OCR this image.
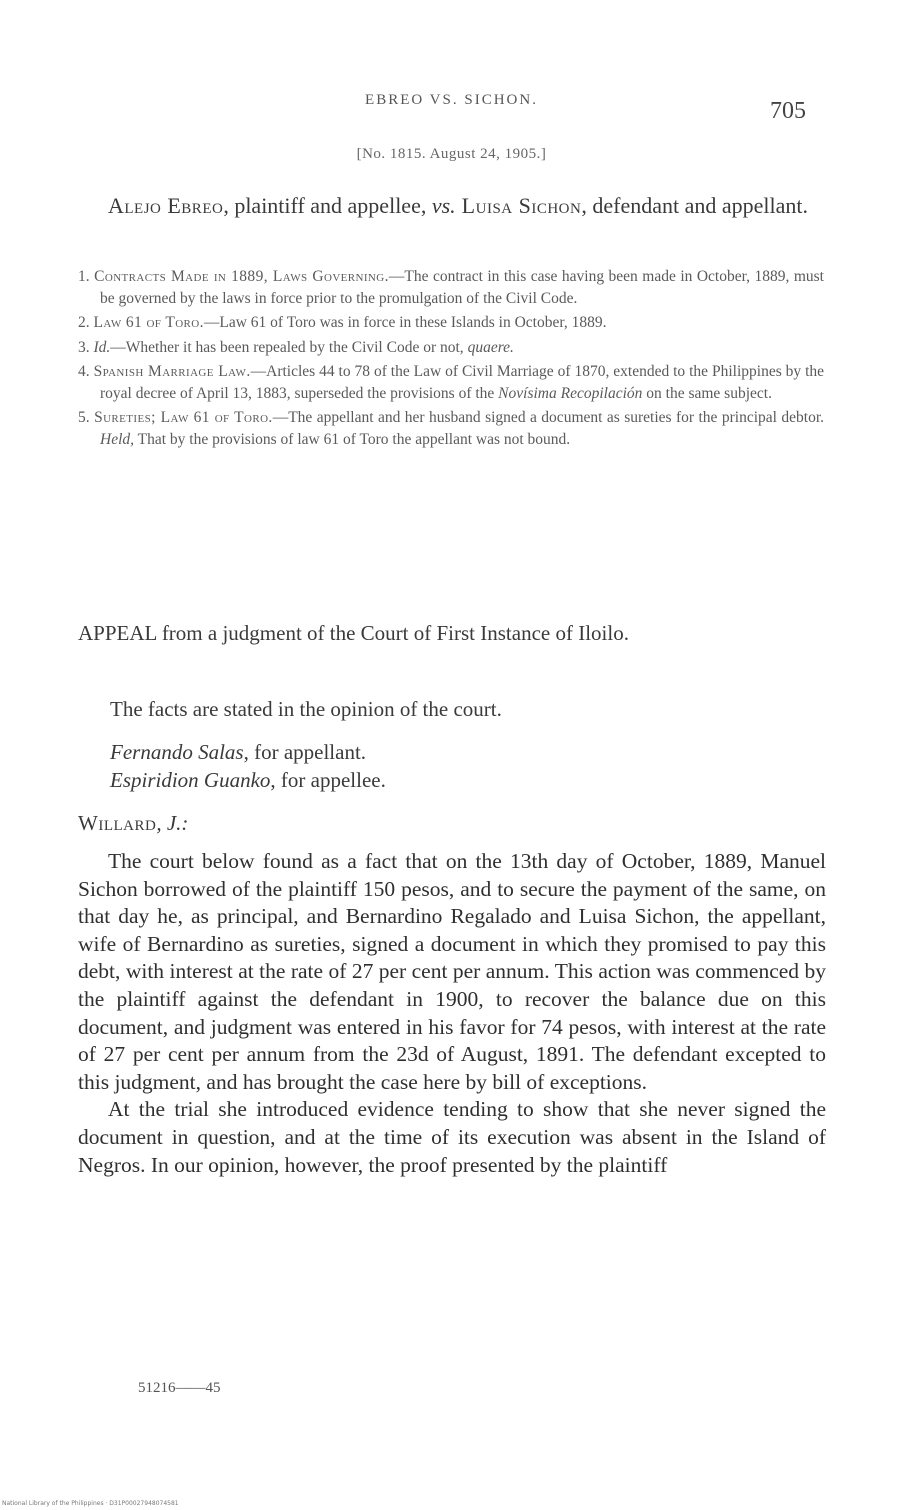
EBREO VS. SICHON.	705
[No. 1815. August 24, 1905.]
Alejo Ebreo, plaintiff and appellee, vs. Luisa Sichon, defendant and appellant.
1. Contracts Made in 1889, Laws Governing.—The contract in this case having been made in October, 1889, must be governed by the laws in force prior to the promulgation of the Civil Code.
2. Law 61 of Toro.—Law 61 of Toro was in force in these Islands in October, 1889.
3. Id.—Whether it has been repealed by the Civil Code or not, quaere.
4. Spanish Marriage Law.—Articles 44 to 78 of the Law of Civil Marriage of 1870, extended to the Philippines by the royal decree of April 13, 1883, superseded the provisions of the Novísima Recopilación on the same subject.
5. Sureties; Law 61 of Toro.—The appellant and her husband signed a document as sureties for the principal debtor. Held, That by the provisions of law 61 of Toro the appellant was not bound.
APPEAL from a judgment of the Court of First Instance of Iloilo.
The facts are stated in the opinion of the court.
Fernando Salas, for appellant.
Espiridion Guanko, for appellee.
Willard, J.:

The court below found as a fact that on the 13th day of October, 1889, Manuel Sichon borrowed of the plaintiff 150 pesos, and to secure the payment of the same, on that day he, as principal, and Bernardino Regalado and Luisa Sichon, the appellant, wife of Bernardino as sureties, signed a document in which they promised to pay this debt, with interest at the rate of 27 per cent per annum. This action was commenced by the plaintiff against the defendant in 1900, to recover the balance due on this document, and judgment was entered in his favor for 74 pesos, with interest at the rate of 27 per cent per annum from the 23d of August, 1891. The defendant excepted to this judgment, and has brought the case here by bill of exceptions.

At the trial she introduced evidence tending to show that she never signed the document in question, and at the time of its execution was absent in the Island of Negros. In our opinion, however, the proof presented by the plaintiff

51216——45
National Library of the Philippines · D31P00027948074581
